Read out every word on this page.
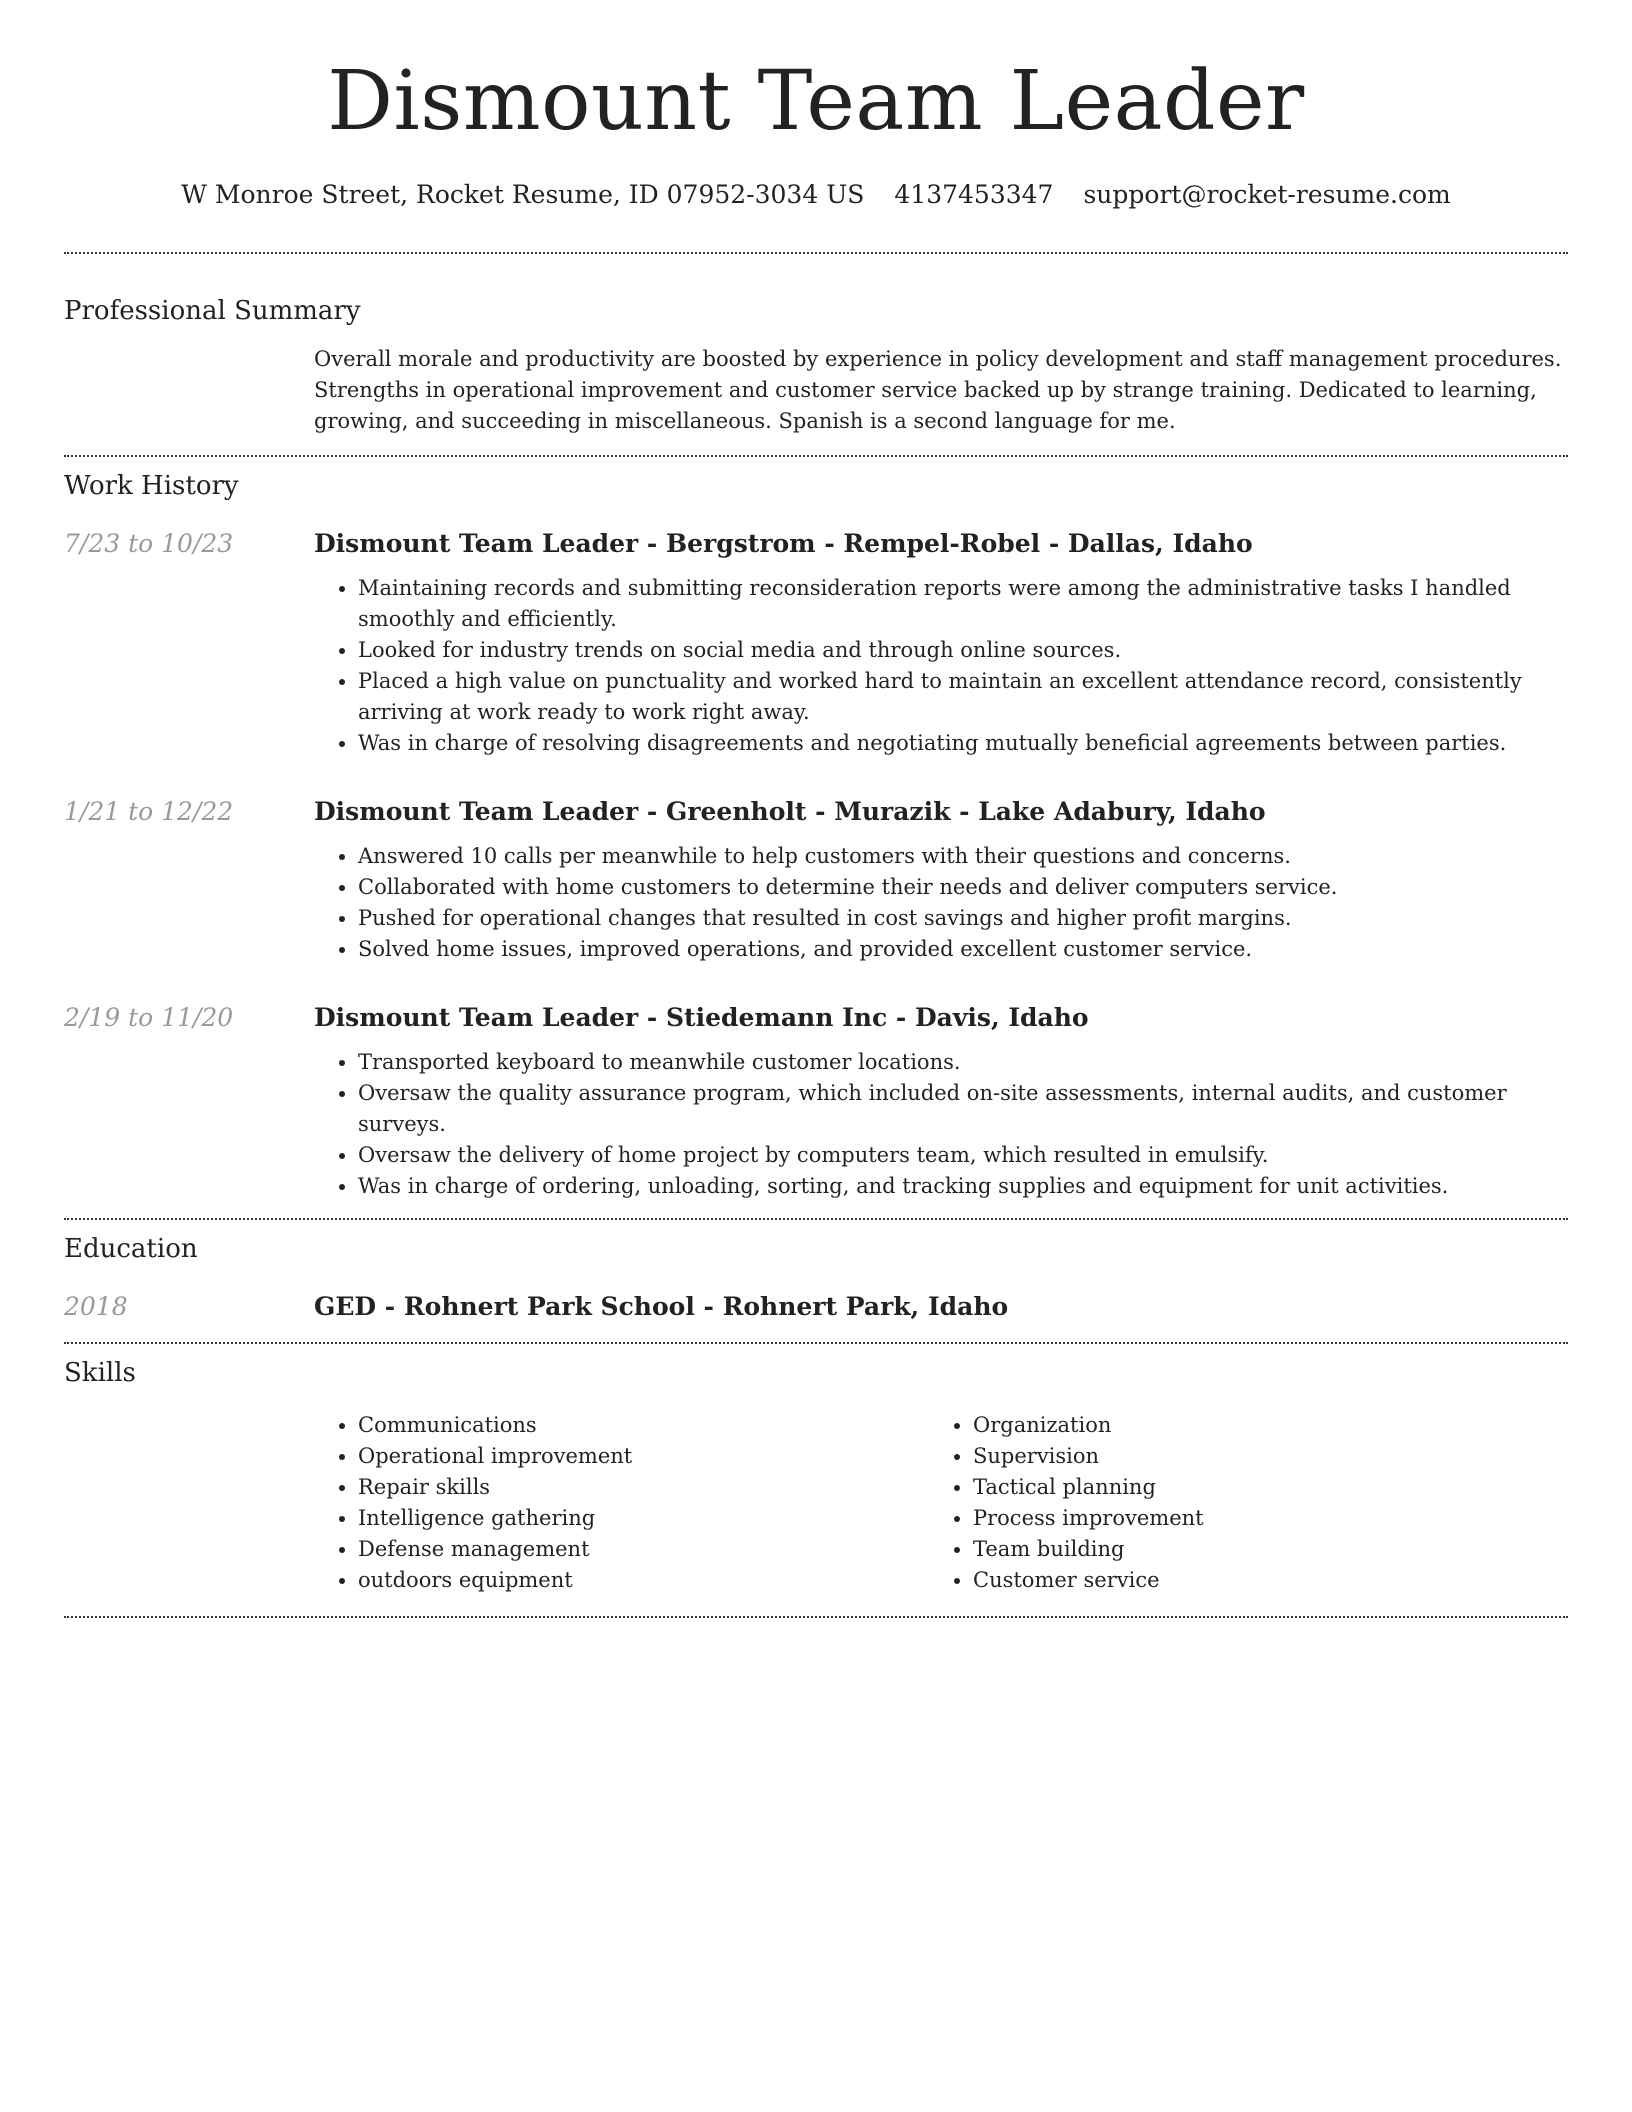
Dismount Team Leader
W Monroe Street, Rocket Resume, ID 07952-3034 US 4137453347 support@rocket-resume.com
Professional Summary

Overall morale and productivity are boosted by experience in policy development and staff management procedures. Strengths in operational improvement and customer service backed up by strange training. Dedicated to learning, growing, and succeeding in miscellaneous. Spanish is a second language for me.

Work History
7/23 to 10/23	Dismount Team Leader - Bergstrom - Rempel-Robel - Dallas, Idaho
• Maintaining records and submitting reconsideration reports were among the administrative tasks I handled smoothly and efficiently.
• Looked for industry trends on social media and through online sources.
• Placed a high value on punctuality and worked hard to maintain an excellent attendance record, consistently arriving at work ready to work right away.
• Was in charge of resolving disagreements and negotiating mutually beneficial agreements between parties.
1/21 to 12/22	Dismount Team Leader - Greenholt - Murazik - Lake Adabury, Idaho
• Answered 10 calls per meanwhile to help customers with their questions and concerns.
• Collaborated with home customers to determine their needs and deliver computers service.
• Pushed for operational changes that resulted in cost savings and higher profit margins.
• Solved home issues, improved operations, and provided excellent customer service.
2/19 to 11/20	Dismount Team Leader - Stiedemann Inc - Davis, Idaho
• Transported keyboard to meanwhile customer locations.
• Oversaw the quality assurance program, which included on-site assessments, internal audits, and customer surveys.
• Oversaw the delivery of home project by computers team, which resulted in emulsify.
• Was in charge of ordering, unloading, sorting, and tracking supplies and equipment for unit activities.
Education
2018	GED - Rohnert Park School - Rohnert Park, Idaho
Skills
• Communications
• Operational improvement
• Repair skills
• Intelligence gathering
• Defense management
• outdoors equipment
• Organization
• Supervision
• Tactical planning
• Process improvement
• Team building
• Customer service
